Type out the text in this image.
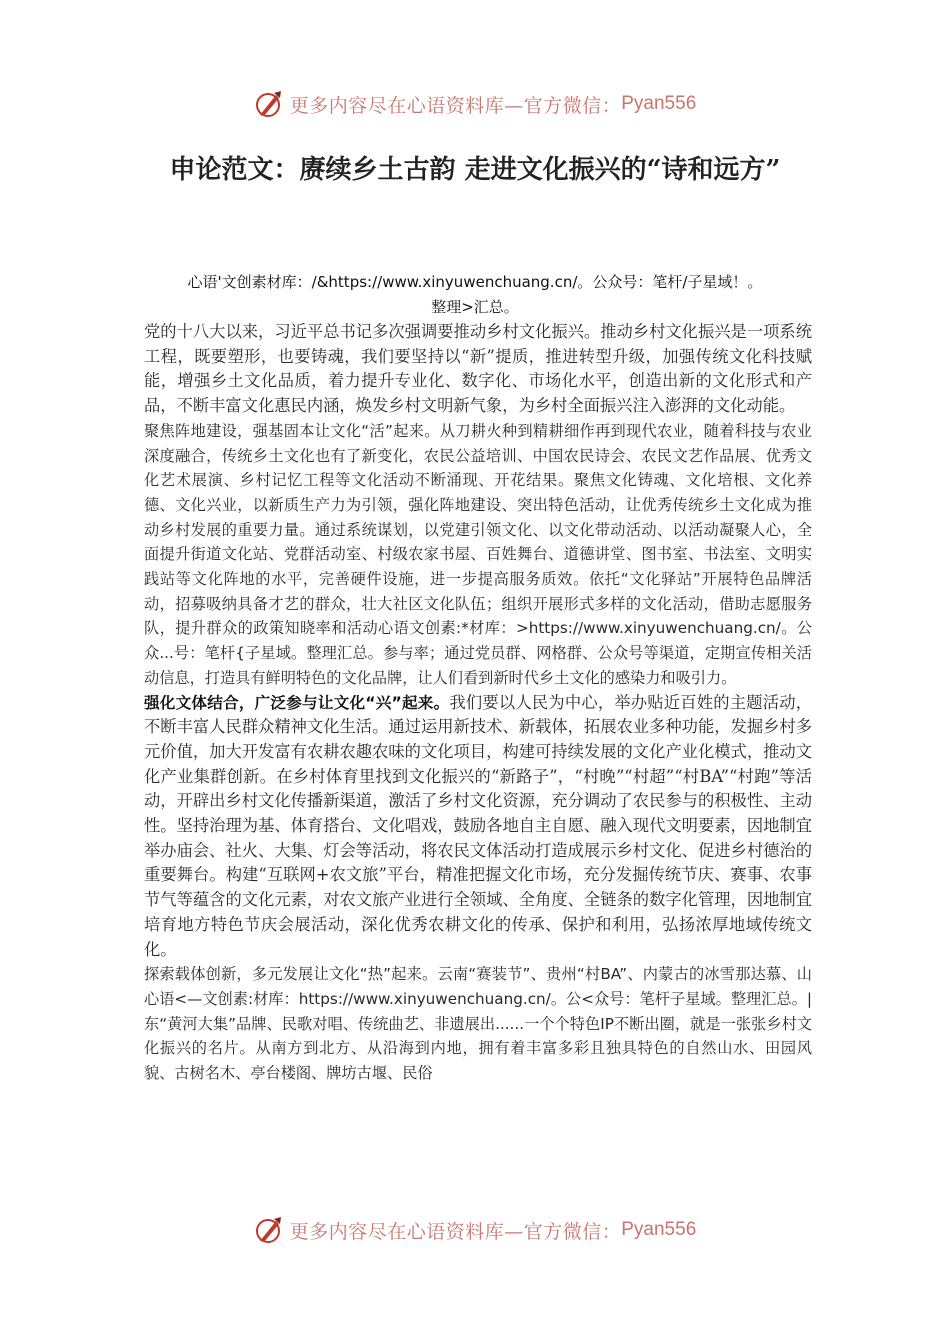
更多内容尽在心语资料库—官方微信： Pyan556
申论范文：赓续乡土古韵 走进文化振兴的“诗和远方”
心语'文创素材库：/&https://www.xinyuwenchuang.cn/。公众号：笔杆/子星域！。
整理>汇总。

党的十八大以来，习近平总书记多次强调要推动乡村文化振兴。推动乡村文化振兴是一项系统工程，既要塑形，也要铸魂，我们要坚持以“新”提质，推进转型升级，加强传统文化科技赋能，增强乡土文化品质，着力提升专业化、数字化、市场化水平，创造出新的文化形式和产品，不断丰富文化惠民内涵，焕发乡村文明新气象，为乡村全面振兴注入澎湃的文化动能。

聚焦阵地建设，强基固本让文化“活”起来。从刀耕火种到精耕细作再到现代农业，随着科技与农业深度融合，传统乡土文化也有了新变化，农民公益培训、中国农民诗会、农民文艺作品展、优秀文化艺术展演、乡村记忆工程等文化活动不断涌现、开花结果。聚焦文化铸魂、文化培根、文化养德、文化兴业，以新质生产力为引领，强化阵地建设、突出特色活动，让优秀传统乡土文化成为推动乡村发展的重要力量。通过系统谋划，以党建引领文化、以文化带动活动、以活动凝聚人心，全面提升街道文化站、党群活动室、村级农家书屋、百姓舞台、道德讲堂、图书室、书法室、文明实践站等文化阵地的水平，完善硬件设施，进一步提高服务质效。依托“文化驿站”开展特色品牌活动，招募吸纳具备才艺的群众，壮大社区文化队伍；组织开展形式多样的文化活动，借助志愿服务队，提升群众的政策知晓率和活动心语文创素:*材库：>https://www.xinyuwenchuang.cn/。公众...号：笔杆{子星域。整理汇总。参与率；通过党员群、网格群、公众号等渠道，定期宣传相关活动信息，打造具有鲜明特色的文化品牌，让人们看到新时代乡土文化的感染力和吸引力。

强化文体结合，广泛参与让文化“兴”起来。我们要以人民为中心，举办贴近百姓的主题活动，不断丰富人民群众精神文化生活。通过运用新技术、新载体，拓展农业多种功能，发掘乡村多元价值，加大开发富有农耕农趣农味的文化项目，构建可持续发展的文化产业化模式，推动文化产业集群创新。在乡村体育里找到文化振兴的“新路子”，“村晚”“村超”“村BA”“村跑”等活动，开辟出乡村文化传播新渠道，激活了乡村文化资源，充分调动了农民参与的积极性、主动性。坚持治理为基、体育搭台、文化唱戏，鼓励各地自主自愿、融入现代文明要素，因地制宜举办庙会、社火、大集、灯会等活动，将农民文体活动打造成展示乡村文化、促进乡村德治的重要舞台。构建“互联网+农文旅”平台，精准把握文化市场，充分发掘传统节庆、赛事、农事节气等蕴含的文化元素，对农文旅产业进行全领域、全角度、全链条的数字化管理，因地制宜培育地方特色节庆会展活动，深化优秀农耕文化的传承、保护和利用，弘扬浓厚地域传统文化。

探索载体创新，多元发展让文化“热”起来。云南“赛装节”、贵州“村BA”、内蒙古的冰雪那达慕、山心语<—文创素:材库：https://www.xinyuwenchuang.cn/。公<众号：笔杆子星域。整理汇总。|东“黄河大集”品牌、民歌对唱、传统曲艺、非遗展出......一个个特色IP不断出圈，就是一张张乡村文化振兴的名片。从南方到北方、从沿海到内地，拥有着丰富多彩且独具特色的自然山水、田园风貌、古树名木、亭台楼阁、牌坊古堰、民俗

更多内容尽在心语资料库—官方微信： Pyan556
